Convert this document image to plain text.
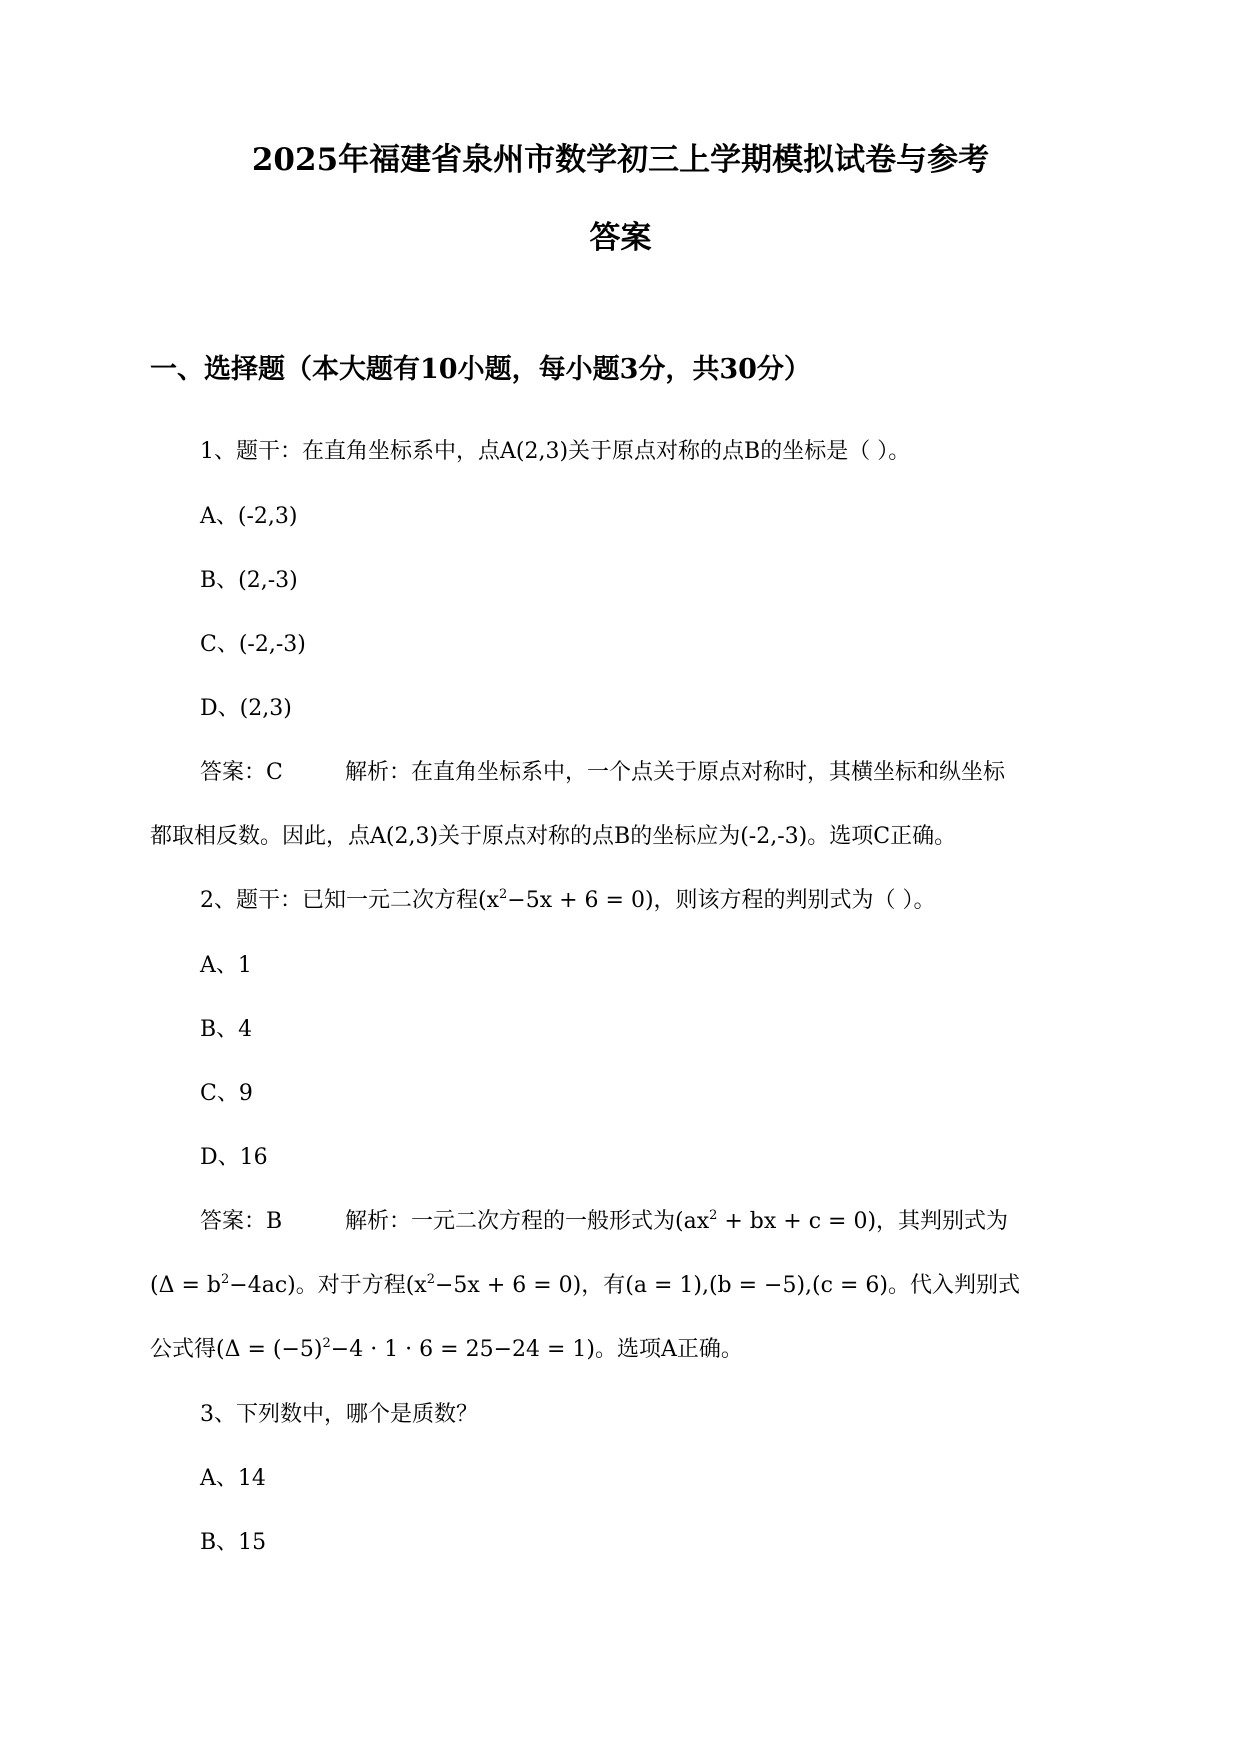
2025年福建省泉州市数学初三上学期模拟试卷与参考
答案
一、选择题（本大题有10小题，每小题3分，共30分）
1、题干：在直角坐标系中，点A(2,3)关于原点对称的点B的坐标是（ ）。
A、(-2,3)
B、(2,-3)
C、(-2,-3)
D、(2,3)
答案：C	解析：在直角坐标系中，一个点关于原点对称时，其横坐标和纵坐标
都取相反数。因此，点A(2,3)关于原点对称的点B的坐标应为(-2,-3)。选项C正确。
2、题干：已知一元二次方程$(x^2-5x + 6 = 0)$，则该方程的判别式为（ ）。
A、1
B、4
C、9
D、16
答案：B	解析：一元二次方程的一般形式为($ax^2$ + bx + c = 0)，其判别式为
$(\Delta = b^2-4ac)$。对于方程$(x^2-5x + 6 = 0)$，有(a = 1),(b = −5),(c = 6)。代入判别式
公式得$(\Delta = (-5)^2-4 \cdot 1 \cdot 6 = 25-24 = 1)$。选项A正确。
3、下列数中，哪个是质数？
A、14
B、15
